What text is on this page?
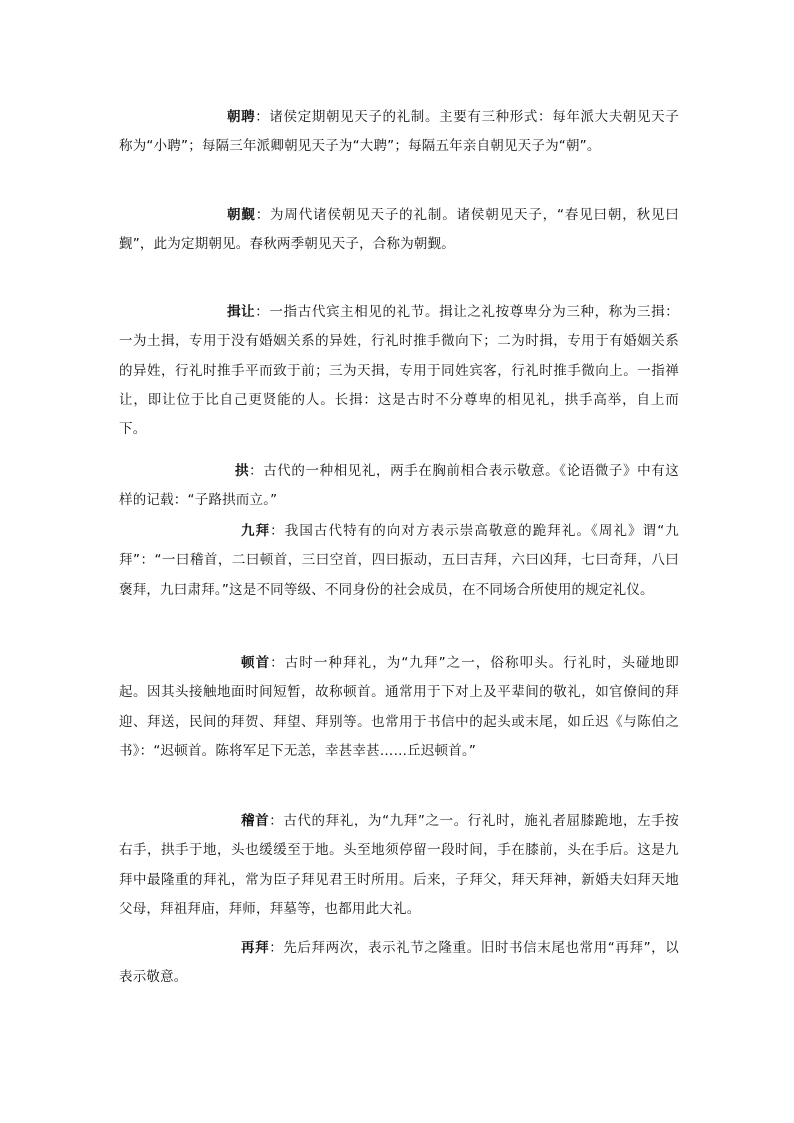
朝聘：诸侯定期朝见天子的礼制。主要有三种形式：每年派大夫朝见天子称为“小聘”；每隔三年派卿朝见天子为“大聘”；每隔五年亲自朝见天子为“朝”。

朝觐：为周代诸侯朝见天子的礼制。诸侯朝见天子，“春见曰朝，秋见曰觐”，此为定期朝见。春秋两季朝见天子，合称为朝觐。

揖让：一指古代宾主相见的礼节。揖让之礼按尊卑分为三种，称为三揖：一为土揖，专用于没有婚姻关系的异姓，行礼时推手微向下；二为时揖，专用于有婚姻关系的异姓，行礼时推手平而致于前；三为天揖，专用于同姓宾客，行礼时推手微向上。一指禅让，即让位于比自己更贤能的人。长揖：这是古时不分尊卑的相见礼，拱手高举，自上而下。

拱：古代的一种相见礼，两手在胸前相合表示敬意。《论语微子》中有这样的记载：“子路拱而立。”

九拜：我国古代特有的向对方表示崇高敬意的跪拜礼。《周礼》谓“九拜”：“一曰稽首，二曰顿首，三曰空首，四曰振动，五曰吉拜，六曰凶拜，七曰奇拜，八曰褒拜，九曰肃拜。”这是不同等级、不同身份的社会成员，在不同场合所使用的规定礼仪。

顿首：古时一种拜礼，为“九拜”之一，俗称叩头。行礼时，头碰地即起。因其头接触地面时间短暂，故称顿首。通常用于下对上及平辈间的敬礼，如官僚间的拜迎、拜送，民间的拜贺、拜望、拜别等。也常用于书信中的起头或末尾，如丘迟《与陈伯之书》：“迟顿首。陈将军足下无恙，幸甚幸甚……丘迟顿首。”

稽首：古代的拜礼，为“九拜”之一。行礼时，施礼者屈膝跪地，左手按右手，拱手于地，头也缓缓至于地。头至地须停留一段时间，手在膝前，头在手后。这是九拜中最隆重的拜礼，常为臣子拜见君王时所用。后来，子拜父，拜天拜神，新婚夫妇拜天地父母，拜祖拜庙，拜师，拜墓等，也都用此大礼。

再拜：先后拜两次，表示礼节之隆重。旧时书信末尾也常用“再拜”，以表示敬意。
